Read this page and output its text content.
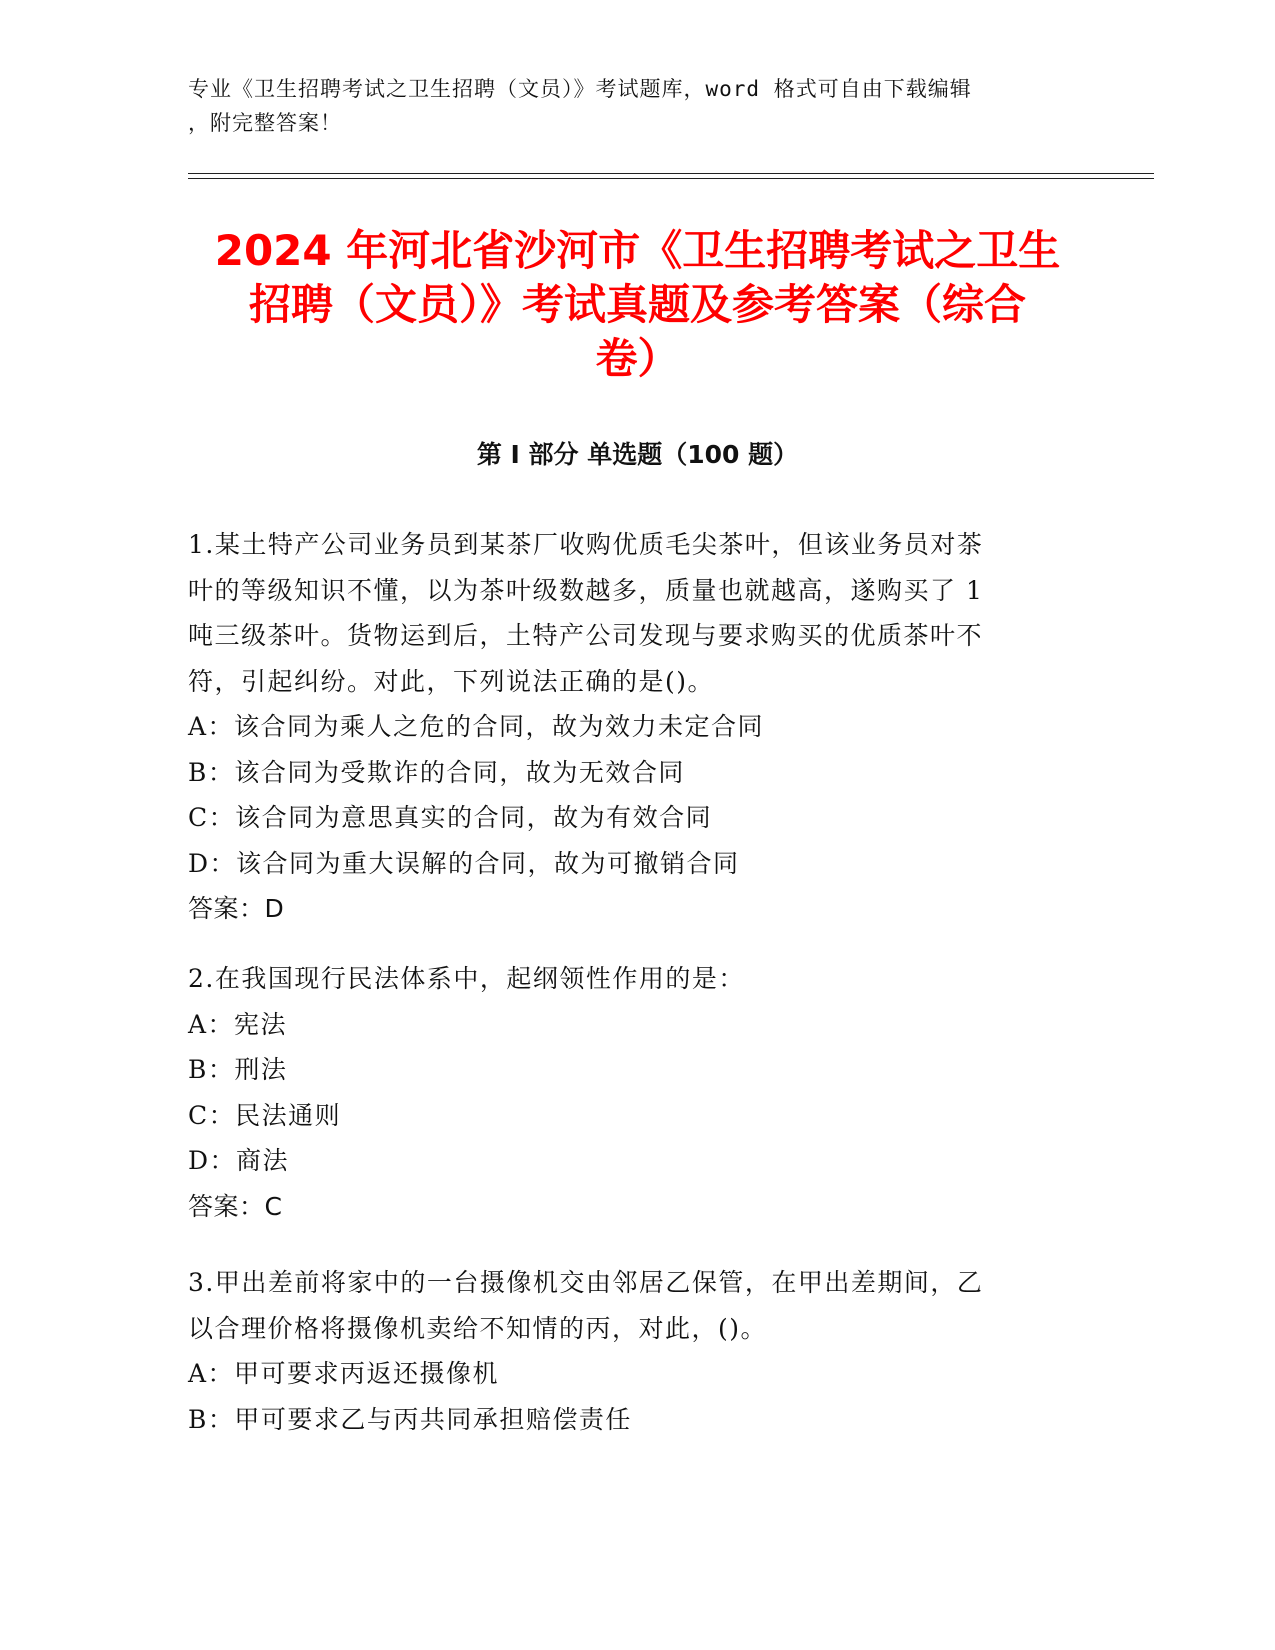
专业《卫生招聘考试之卫生招聘（文员）》考试题库，word 格式可自由下载编辑
，附完整答案！
2024 年河北省沙河市《卫生招聘考试之卫生
招聘（文员）》考试真题及参考答案（综合
卷）
第 I 部分 单选题（100 题）
1.某土特产公司业务员到某茶厂收购优质毛尖茶叶，但该业务员对茶
叶的等级知识不懂，以为茶叶级数越多，质量也就越高，遂购买了 1
吨三级茶叶。货物运到后，土特产公司发现与要求购买的优质茶叶不
符，引起纠纷。对此，下列说法正确的是()。
A：该合同为乘人之危的合同，故为效力未定合同
B：该合同为受欺诈的合同，故为无效合同
C：该合同为意思真实的合同，故为有效合同
D：该合同为重大误解的合同，故为可撤销合同
答案：D
2.在我国现行民法体系中，起纲领性作用的是：
A：宪法
B：刑法
C：民法通则
D：商法
答案：C
3.甲出差前将家中的一台摄像机交由邻居乙保管，在甲出差期间，乙
以合理价格将摄像机卖给不知情的丙，对此，()。
A：甲可要求丙返还摄像机
B：甲可要求乙与丙共同承担赔偿责任
